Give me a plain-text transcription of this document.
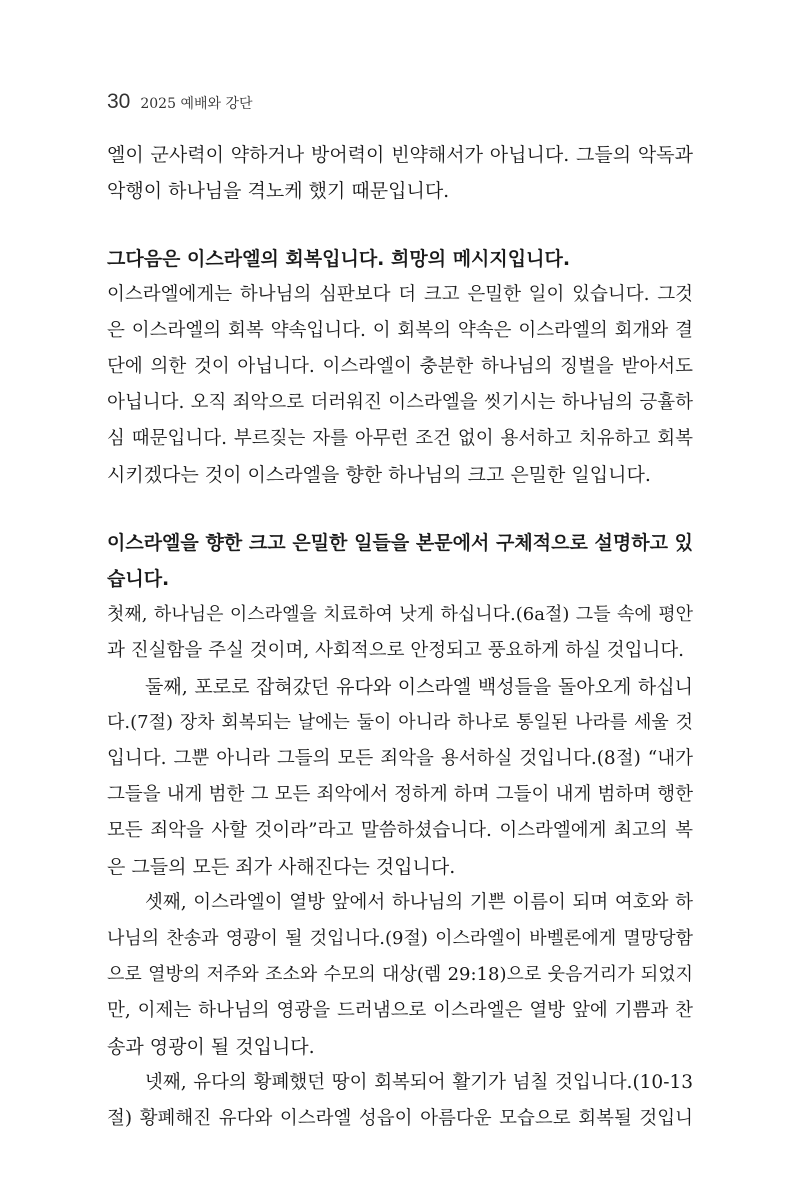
30 2025 예배와 강단
엘이 군사력이 약하거나 방어력이 빈약해서가 아닙니다. 그들의 악독과
악행이 하나님을 격노케 했기 때문입니다.
그다음은 이스라엘의 회복입니다. 희망의 메시지입니다.
이스라엘에게는 하나님의 심판보다 더 크고 은밀한 일이 있습니다. 그것
은 이스라엘의 회복 약속입니다. 이 회복의 약속은 이스라엘의 회개와 결
단에 의한 것이 아닙니다. 이스라엘이 충분한 하나님의 징벌을 받아서도
아닙니다. 오직 죄악으로 더러워진 이스라엘을 씻기시는 하나님의 긍휼하
심 때문입니다. 부르짖는 자를 아무런 조건 없이 용서하고 치유하고 회복
시키겠다는 것이 이스라엘을 향한 하나님의 크고 은밀한 일입니다.
이스라엘을 향한 크고 은밀한 일들을 본문에서 구체적으로 설명하고 있
습니다.
첫째, 하나님은 이스라엘을 치료하여 낫게 하십니다.(6a절) 그들 속에 평안
과 진실함을 주실 것이며, 사회적으로 안정되고 풍요하게 하실 것입니다.
둘째, 포로로 잡혀갔던 유다와 이스라엘 백성들을 돌아오게 하십니
다.(7절) 장차 회복되는 날에는 둘이 아니라 하나로 통일된 나라를 세울 것
입니다. 그뿐 아니라 그들의 모든 죄악을 용서하실 것입니다.(8절) “내가
그들을 내게 범한 그 모든 죄악에서 정하게 하며 그들이 내게 범하며 행한
모든 죄악을 사할 것이라”라고 말씀하셨습니다. 이스라엘에게 최고의 복
은 그들의 모든 죄가 사해진다는 것입니다.
셋째, 이스라엘이 열방 앞에서 하나님의 기쁜 이름이 되며 여호와 하
나님의 찬송과 영광이 될 것입니다.(9절) 이스라엘이 바벨론에게 멸망당함
으로 열방의 저주와 조소와 수모의 대상(렘 29:18)으로 웃음거리가 되었지
만, 이제는 하나님의 영광을 드러냄으로 이스라엘은 열방 앞에 기쁨과 찬
송과 영광이 될 것입니다.
넷째, 유다의 황폐했던 땅이 회복되어 활기가 넘칠 것입니다.(10-13
절) 황폐해진 유다와 이스라엘 성읍이 아름다운 모습으로 회복될 것입니
